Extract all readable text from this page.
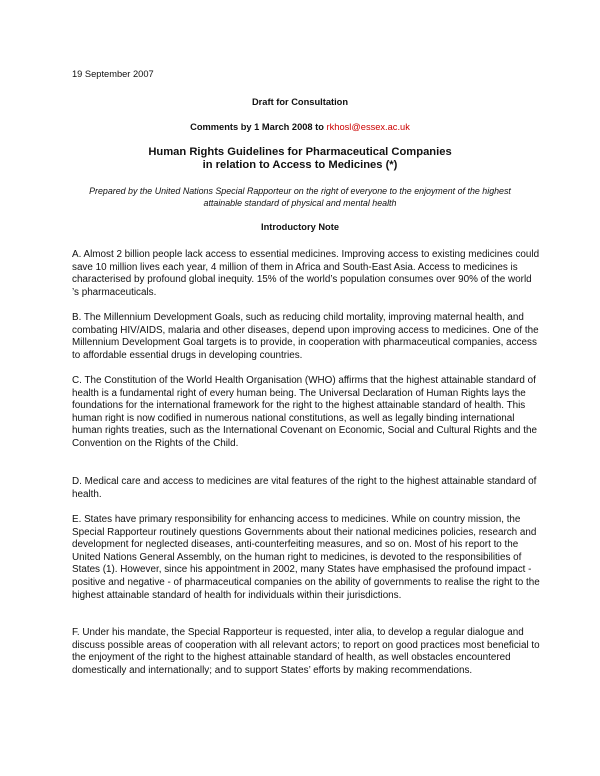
19 September 2007
Draft for Consultation
Comments by 1 March 2008 to rkhosl@essex.ac.uk
Human Rights Guidelines for Pharmaceutical Companies
in relation to Access to Medicines (*)
Prepared by the United Nations Special Rapporteur on the right of everyone to the enjoyment of the highest attainable standard of physical and mental health
Introductory Note

A. Almost 2 billion people lack access to essential medicines. Improving access to existing medicines could save 10 million lives each year, 4 million of them in Africa and South-East Asia. Access to medicines is characterised by profound global inequity. 15% of the world’s population consumes over 90% of the world ’s pharmaceuticals.

B. The Millennium Development Goals, such as reducing child mortality, improving maternal health, and combating HIV/AIDS, malaria and other diseases, depend upon improving access to medicines. One of the Millennium Development Goal targets is to provide, in cooperation with pharmaceutical companies, access to affordable essential drugs in developing countries.

C. The Constitution of the World Health Organisation (WHO) affirms that the highest attainable standard of health is a fundamental right of every human being. The Universal Declaration of Human Rights lays the foundations for the international framework for the right to the highest attainable standard of health. This human right is now codified in numerous national constitutions, as well as legally binding international human rights treaties, such as the International Covenant on Economic, Social and Cultural Rights and the Convention on the Rights of the Child.

D. Medical care and access to medicines are vital features of the right to the highest attainable standard of health.

E. States have primary responsibility for enhancing access to medicines. While on country mission, the Special Rapporteur routinely questions Governments about their national medicines policies, research and development for neglected diseases, anti-counterfeiting measures, and so on. Most of his report to the United Nations General Assembly, on the human right to medicines, is devoted to the responsibilities of States (1). However, since his appointment in 2002, many States have emphasised the profound impact - positive and negative - of pharmaceutical companies on the ability of governments to realise the right to the highest attainable standard of health for individuals within their jurisdictions.

F. Under his mandate, the Special Rapporteur is requested, inter alia, to develop a regular dialogue and discuss possible areas of cooperation with all relevant actors; to report on good practices most beneficial to the enjoyment of the right to the highest attainable standard of health, as well obstacles encountered domestically and internationally; and to support States’ efforts by making recommendations.
